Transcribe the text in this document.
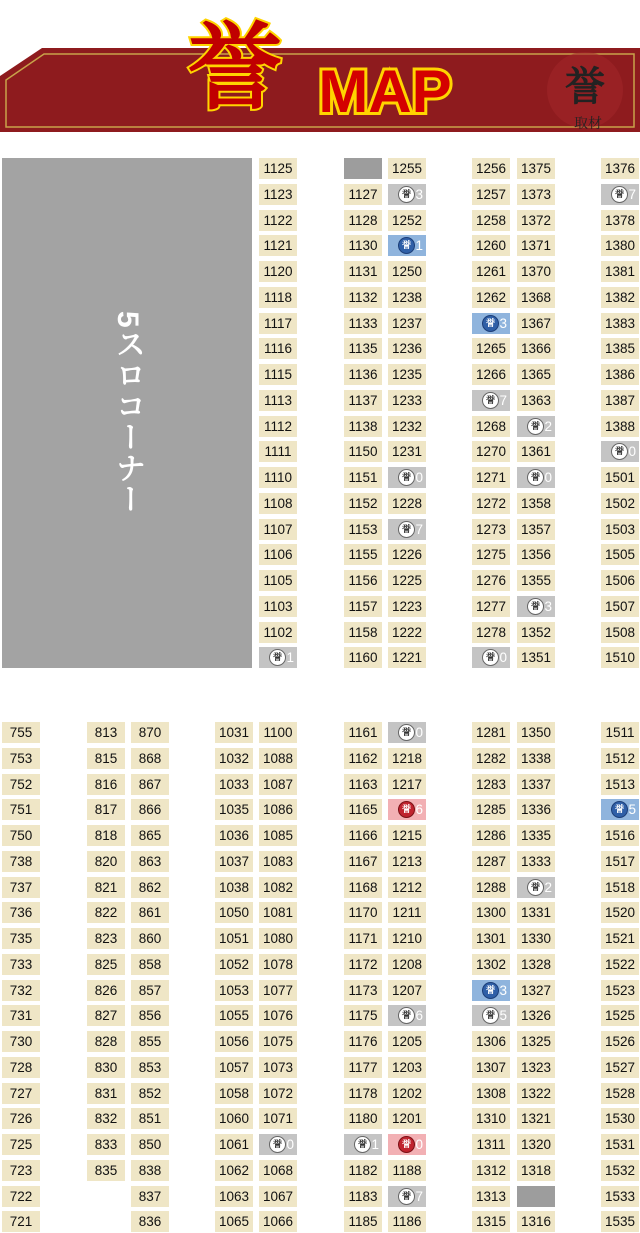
誉
取材
誉 MAP
5スロコーナー
1125
1123
1122
1121
1120
1118
1117
1116
1115
1113
1112
1111
1110
1108
1107
1106
1105
1103
1102
誉 1
1127
1128
1130
1131
1132
1133
1135
1136
1137
1138
1150
1151
1152
1153
1155
1156
1157
1158
1160
1255
誉 3
1252
誉 1
1250
1238
1237
1236
1235
1233
1232
1231
誉 0
1228
誉 7
1226
1225
1223
1222
1221
1256
1257
1258
1260
1261
1262
誉 3
1265
1266
誉 7
1268
1270
1271
1272
1273
1275
1276
1277
1278
誉 0
1375
1373
1372
1371
1370
1368
1367
1366
1365
1363
誉 2
1361
誉 0
1358
1357
1356
1355
誉 3
1352
1351
1376
誉 7
1378
1380
1381
1382
1383
1385
1386
1387
1388
誉 0
1501
1502
1503
1505
1506
1507
1508
1510
755
753
752
751
750
738
737
736
735
733
732
731
730
728
727
726
725
723
722
721
813
815
816
817
818
820
821
822
823
825
826
827
828
830
831
832
833
835
870
868
867
866
865
863
862
861
860
858
857
856
855
853
852
851
850
838
837
836
1031
1032
1033
1035
1036
1037
1038
1050
1051
1052
1053
1055
1056
1057
1058
1060
1061
1062
1063
1065
1100
1088
1087
1086
1085
1083
1082
1081
1080
1078
1077
1076
1075
1073
1072
1071
誉 0
1068
1067
1066
1161
1162
1163
1165
1166
1167
1168
1170
1171
1172
1173
1175
1176
1177
1178
1180
誉 1
1182
1183
1185
誉 0
1218
1217
誉 6
1215
1213
1212
1211
1210
1208
1207
誉 6
1205
1203
1202
1201
誉 0
1188
誉 7
1186
1281
1282
1283
1285
1286
1287
1288
1300
1301
1302
誉 3
誉 5
1306
1307
1308
1310
1311
1312
1313
1315
1350
1338
1337
1336
1335
1333
誉 2
1331
1330
1328
1327
1326
1325
1323
1322
1321
1320
1318
1316
1511
1512
1513
誉 5
1516
1517
1518
1520
1521
1522
1523
1525
1526
1527
1528
1530
1531
1532
1533
1535
